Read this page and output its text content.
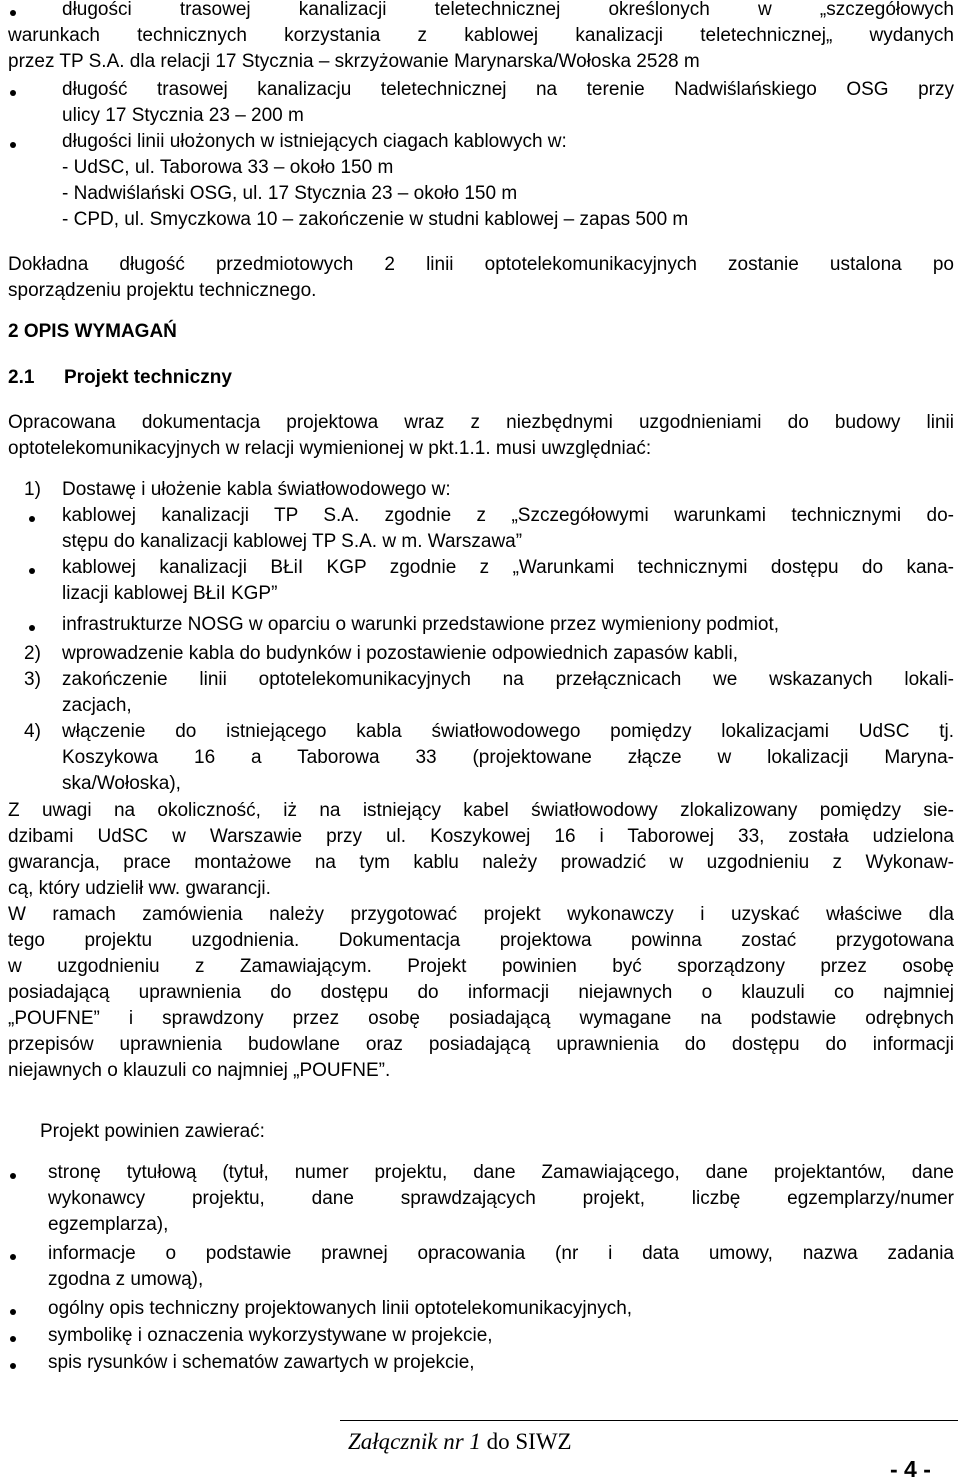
długości trasowej kanalizacji teletechnicznej określonych w „szczegółowych
warunkach technicznych korzystania z kablowej kanalizacji teletechnicznej„ wydanych
przez TP S.A. dla relacji 17 Stycznia – skrzyżowanie Marynarska/Wołoska 2528 m
długość trasowej kanalizacju teletechnicznej na terenie Nadwiślańskiego OSG przy
ulicy 17 Stycznia 23 – 200 m
długości linii ułożonych w istniejących ciagach kablowych w:
- UdSC, ul. Taborowa 33 – około 150 m
- Nadwiślański OSG, ul. 17 Stycznia 23 – około 150 m
- CPD, ul. Smyczkowa 10 – zakończenie w studni kablowej – zapas 500 m
Dokładna długość przedmiotowych 2 linii optotelekomunikacyjnych zostanie ustalona po
sporządzeniu projektu technicznego.
2 OPIS WYMAGAŃ
2.1 Projekt techniczny
Opracowana dokumentacja projektowa wraz z niezbędnymi uzgodnieniami do budowy linii
optotelekomunikacyjnych w relacji wymienionej w pkt.1.1. musi uwzględniać:
1) Dostawę i ułożenie kabla światłowodowego w:
kablowej kanalizacji TP S.A. zgodnie z „Szczegółowymi warunkami technicznymi do-
stępu do kanalizacji kablowej TP S.A. w m. Warszawa”
kablowej kanalizacji BŁiI KGP zgodnie z „Warunkami technicznymi dostępu do kana-
lizacji kablowej BŁiI KGP”
infrastrukturze NOSG w oparciu o warunki przedstawione przez wymieniony podmiot,
2) wprowadzenie kabla do budynków i pozostawienie odpowiednich zapasów kabli,
3) zakończenie linii optotelekomunikacyjnych na przełącznicach we wskazanych lokali-
zacjach,
4) włączenie do istniejącego kabla światłowodowego pomiędzy lokalizacjami UdSC tj.
Koszykowa 16 a Taborowa 33 (projektowane złącze w lokalizacji Maryna-
ska/Wołoska),
Z uwagi na okoliczność, iż na istniejący kabel światłowodowy zlokalizowany pomiędzy sie-
dzibami UdSC w Warszawie przy ul. Koszykowej 16 i Taborowej 33, została udzielona
gwarancja, prace montażowe na tym kablu należy prowadzić w uzgodnieniu z Wykonaw-
cą, który udzielił ww. gwarancji.
W ramach zamówienia należy przygotować projekt wykonawczy i uzyskać właściwe dla
tego projektu uzgodnienia. Dokumentacja projektowa powinna zostać przygotowana
w uzgodnieniu z Zamawiającym. Projekt powinien być sporządzony przez osobę
posiadającą uprawnienia do dostępu do informacji niejawnych o klauzuli co najmniej
„POUFNE” i sprawdzony przez osobę posiadającą wymagane na podstawie odrębnych
przepisów uprawnienia budowlane oraz posiadającą uprawnienia do dostępu do informacji
niejawnych o klauzuli co najmniej „POUFNE”.
Projekt powinien zawierać:
stronę tytułową (tytuł, numer projektu, dane Zamawiającego, dane projektantów, dane
wykonawcy projektu, dane sprawdzających projekt, liczbę egzemplarzy/numer
egzemplarza),
informacje o podstawie prawnej opracowania (nr i data umowy, nazwa zadania
zgodna z umową),
ogólny opis techniczny projektowanych linii optotelekomunikacyjnych,
symbolikę i oznaczenia wykorzystywane w projekcie,
spis rysunków i schematów zawartych w projekcie,
Załącznik nr 1 do SIWZ
- 4 -
